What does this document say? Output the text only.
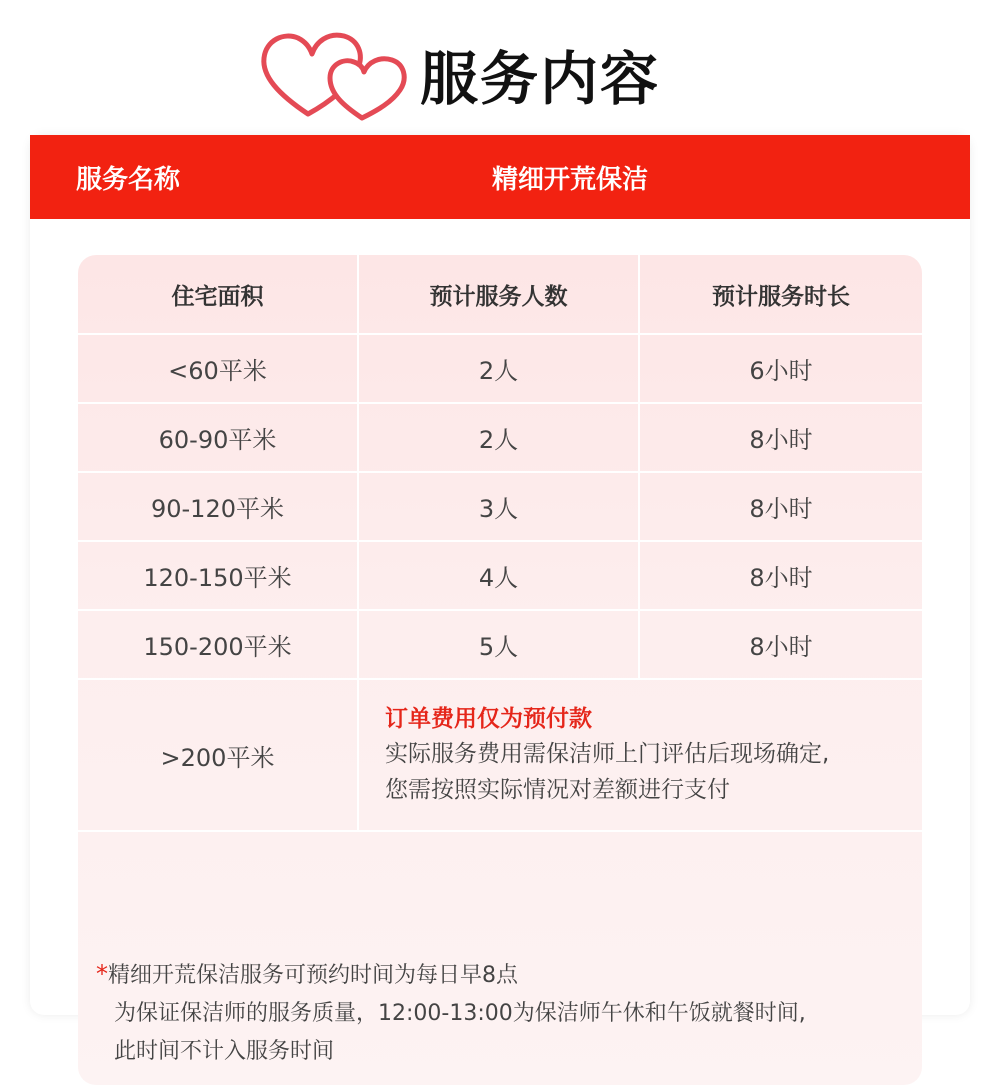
服务内容
服务名称	精细开荒保洁
住宅面积	预计服务人数	预计服务时长
<60平米	2人	6小时
60-90平米	2人	8小时
90-120平米	3人	8小时
120-150平米	4人	8小时
150-200平米	5人	8小时
>200平米
订单费用仅为预付款
实际服务费用需保洁师上门评估后现场确定,
您需按照实际情况对差额进行支付
*精细开荒保洁服务可预约时间为每日早8点
为保证保洁师的服务质量，12:00-13:00为保洁师午休和午饭就餐时间,
此时间不计入服务时间
